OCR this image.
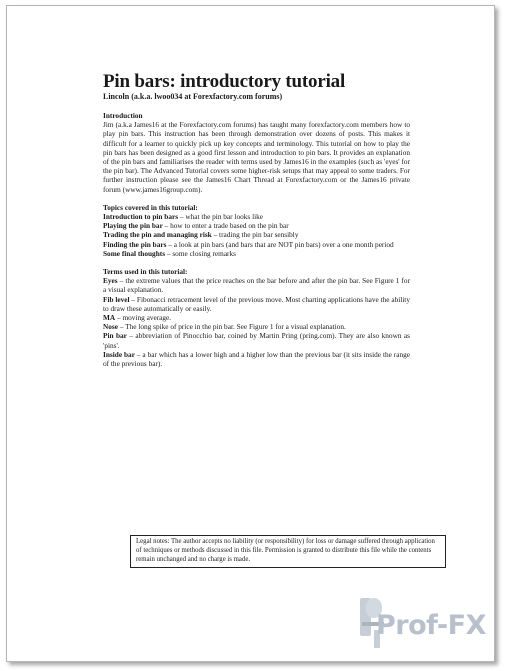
Pin bars: introductory tutorial
Lincoln (a.k.a. lwoo034 at Forexfactory.com forums)
Introduction

Jim (a.k.a James16 at the Forexfactory.com forums) has taught many forexfactory.com members how to play pin bars. This instruction has been through demonstration over dozens of posts. This makes it difficult for a learner to quickly pick up key concepts and terminology. This tutorial on how to play the pin bars has been designed as a good first lesson and introduction to pin bars. It provides an explanation of the pin bars and familiarises the reader with terms used by James16 in the examples (such as 'eyes' for the pin bar). The Advanced Tutorial covers some higher-risk setups that may appeal to some traders. For further instruction please see the James16 Chart Thread at Forexfactory.com or the James16 private forum (www.james16group.com).

Topics covered in this tutorial:
Introduction to pin bars – what the pin bar looks like
Playing the pin bar – how to enter a trade based on the pin bar
Trading the pin and managing risk – trading the pin bar sensibly
Finding the pin bars – a look at pin bars (and bars that are NOT pin bars) over a one month period
Some final thoughts – some closing remarks
Terms used in this tutorial:

Eyes – the extreme values that the price reaches on the bar before and after the pin bar. See Figure 1 for a visual explanation.

Fib level – Fibonacci retracement level of the previous move. Most charting applications have the ability to draw these automatically or easily.

MA – moving average.

Nose – The long spike of price in the pin bar. See Figure 1 for a visual explanation.

Pin bar – abbreviation of Pinocchio bar, coined by Martin Pring (pring.com). They are also known as 'pins'.

Inside bar – a bar which has a lower high and a higher low than the previous bar (it sits inside the range of the previous bar).

Legal notes: The author accepts no liability (or responsibility) for loss or damage suffered through application of techniques or methods discussed in this file. Permission is granted to distribute this file while the contents remain unchanged and no charge is made.
Prof-FX
